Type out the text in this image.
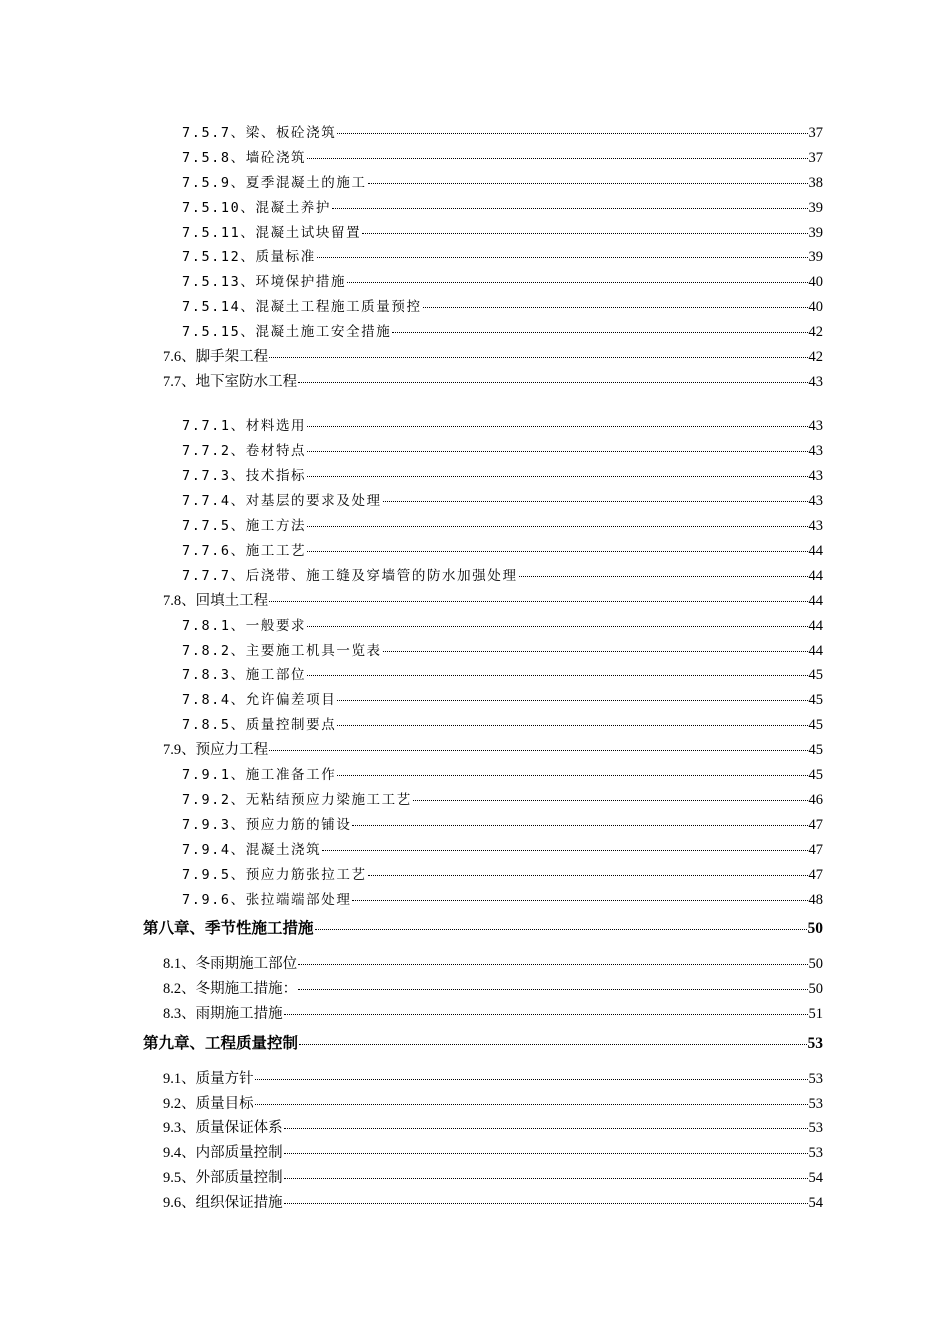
7.5.7、梁、板砼浇筑	37
7.5.8、墙砼浇筑	37
7.5.9、夏季混凝土的施工	38
7.5.10、混凝土养护	39
7.5.11、混凝土试块留置	39
7.5.12、质量标准	39
7.5.13、环境保护措施	40
7.5.14、混凝土工程施工质量预控	40
7.5.15、混凝土施工安全措施	42
7.6、脚手架工程	42
7.7、地下室防水工程	43
7.7.1、材料选用	43
7.7.2、卷材特点	43
7.7.3、技术指标	43
7.7.4、对基层的要求及处理	43
7.7.5、施工方法	43
7.7.6、施工工艺	44
7.7.7、后浇带、施工缝及穿墙管的防水加强处理	44
7.8、回填土工程	44
7.8.1、一般要求	44
7.8.2、主要施工机具一览表	44
7.8.3、施工部位	45
7.8.4、允许偏差项目	45
7.8.5、质量控制要点	45
7.9、预应力工程	45
7.9.1、施工准备工作	45
7.9.2、无粘结预应力梁施工工艺	46
7.9.3、预应力筋的铺设	47
7.9.4、混凝土浇筑	47
7.9.5、预应力筋张拉工艺	47
7.9.6、张拉端端部处理	48
第八章、季节性施工措施	50
8.1、冬雨期施工部位	50
8.2、冬期施工措施：	50
8.3、雨期施工措施	51
第九章、工程质量控制	53
9.1、质量方针	53
9.2、质量目标	53
9.3、质量保证体系	53
9.4、内部质量控制	53
9.5、外部质量控制	54
9.6、组织保证措施	54
